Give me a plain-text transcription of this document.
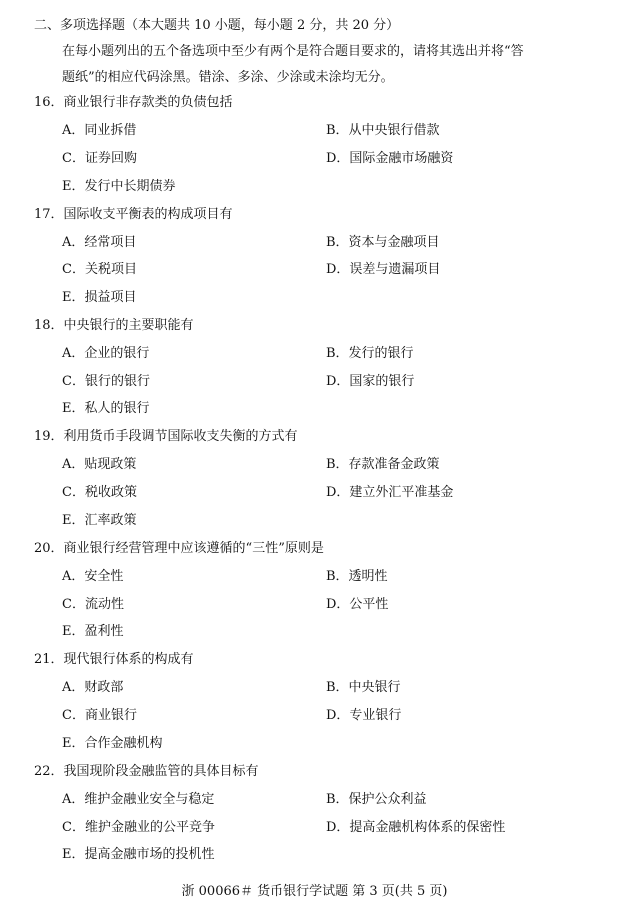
二、多项选择题（本大题共 10 小题，每小题 2 分，共 20 分）
在每小题列出的五个备选项中至少有两个是符合题目要求的，请将其选出并将“答
题纸”的相应代码涂黑。错涂、多涂、少涂或未涂均无分。
16．商业银行非存款类的负债包括
A．同业拆借	B．从中央银行借款
C．证券回购	D．国际金融市场融资
E．发行中长期债券
17．国际收支平衡表的构成项目有
A．经常项目	B．资本与金融项目
C．关税项目	D．误差与遗漏项目
E．损益项目
18．中央银行的主要职能有
A．企业的银行	B．发行的银行
C．银行的银行	D．国家的银行
E．私人的银行
19．利用货币手段调节国际收支失衡的方式有
A．贴现政策	B．存款准备金政策
C．税收政策	D．建立外汇平准基金
E．汇率政策
20．商业银行经营管理中应该遵循的“三性”原则是
A．安全性	B．透明性
C．流动性	D．公平性
E．盈利性
21．现代银行体系的构成有
A．财政部	B．中央银行
C．商业银行	D．专业银行
E．合作金融机构
22．我国现阶段金融监管的具体目标有
A．维护金融业安全与稳定	B．保护公众利益
C．维护金融业的公平竞争	D．提高金融机构体系的保密性
E．提高金融市场的投机性
浙 00066＃ 货币银行学试题 第 3 页(共 5 页)
